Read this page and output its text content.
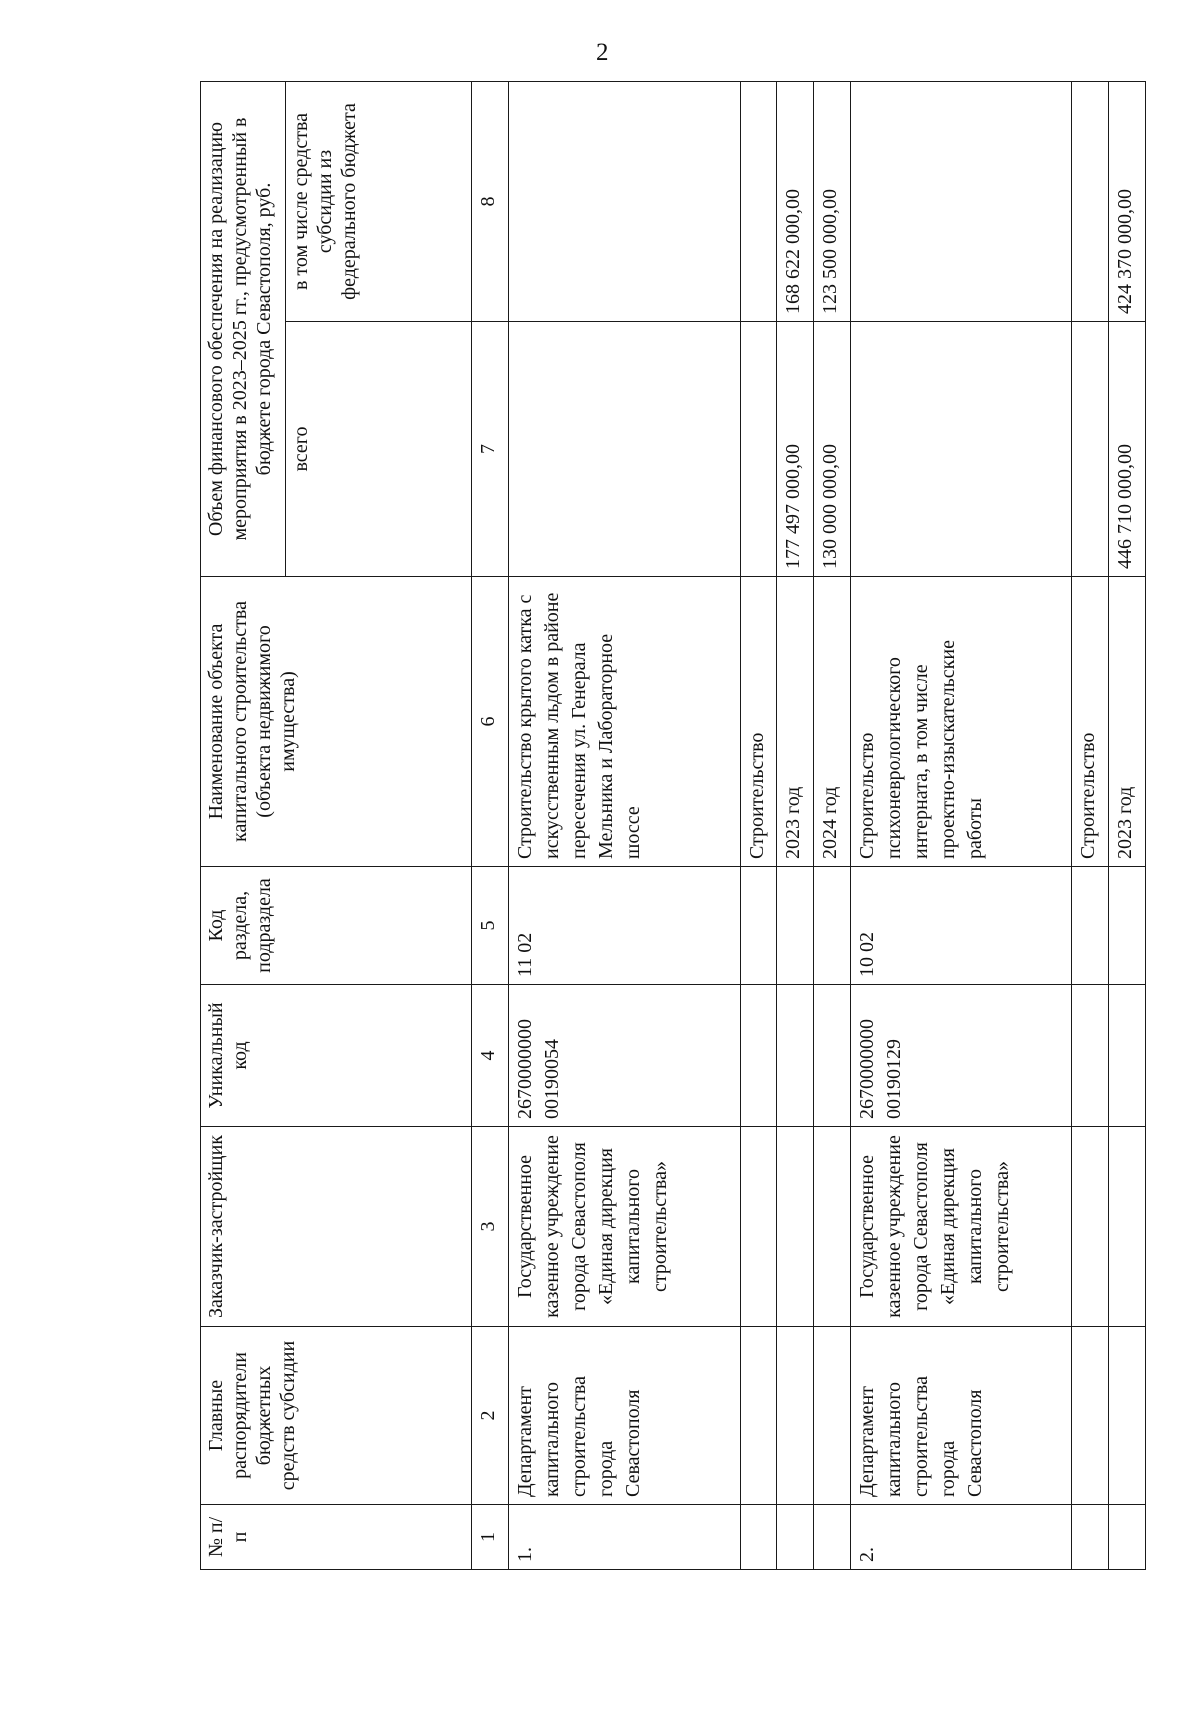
2
№ п/п	Главные распорядители бюджетных средств субсидии	Заказчик-застройщик	Уникальный код	Код раздела, подраздела	Наименование объекта капитального строительства (объекта недвижимого имущества)	Объем финансового обеспечения на реализацию мероприятия в 2023–2025 гг., предусмотренный в бюджете города Севастополя, руб.	
						всего	в том числе средства субсидии из федерального бюджета
1	2	3	4	5	6	7	8
1.	Департамент капитального строительства города Севастополя	Государственное казенное учреждение города Севастополя «Единая дирекция капитального строительства»	2670000000 00190054	11 02	Строительство крытого катка с искусственным льдом в районе пересечения ул. Генерала Мельника и Лабораторное шоссе		
					Строительство		
					2023 год	177 497 000,00	168 622 000,00
					2024 год	130 000 000,00	123 500 000,00
2.	Департамент капитального строительства города Севастополя	Государственное казенное учреждение города Севастополя «Единая дирекция капитального строительства»	2670000000 00190129	10 02	Строительство психоневрологического интерната, в том числе проектно-изыскательские работы		
					Строительство		
					2023 год	446 710 000,00	424 370 000,00
